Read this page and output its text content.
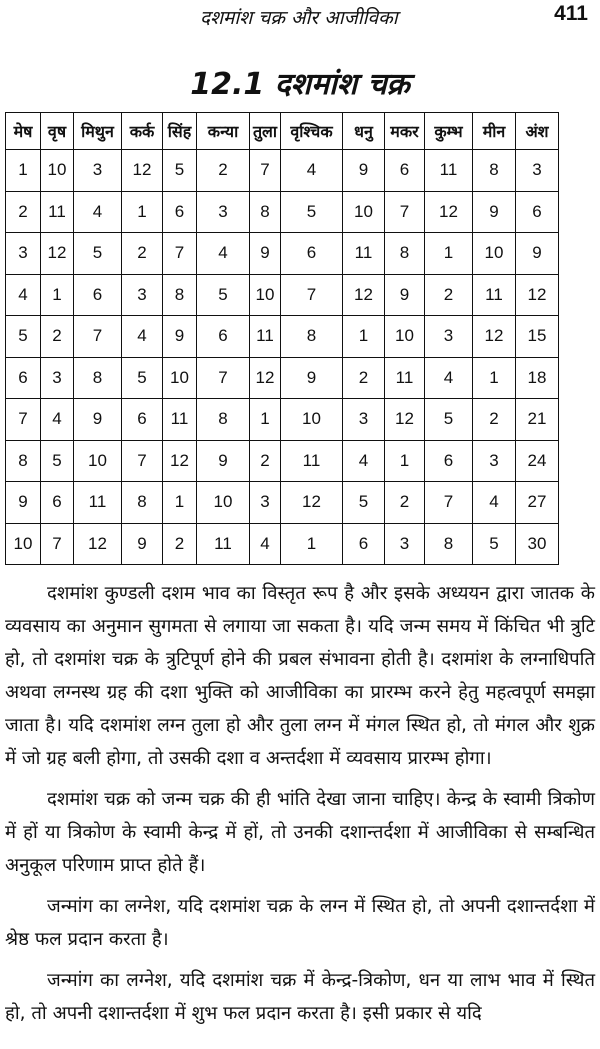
दशमांश चक्र और आजीविका	411
12.1 दशमांश चक्र
मेष	वृष	मिथुन	कर्क	सिंह	कन्या	तुला	वृश्चिक	धनु	मकर	कुम्भ	मीन	अंश
1	10	3	12	5	2	7	4	9	6	11	8	3
2	11	4	1	6	3	8	5	10	7	12	9	6
3	12	5	2	7	4	9	6	11	8	1	10	9
4	1	6	3	8	5	10	7	12	9	2	11	12
5	2	7	4	9	6	11	8	1	10	3	12	15
6	3	8	5	10	7	12	9	2	11	4	1	18
7	4	9	6	11	8	1	10	3	12	5	2	21
8	5	10	7	12	9	2	11	4	1	6	3	24
9	6	11	8	1	10	3	12	5	2	7	4	27
10	7	12	9	2	11	4	1	6	3	8	5	30

दशमांश कुण्डली दशम भाव का विस्तृत रूप है और इसके अध्ययन द्वारा जातक के व्यवसाय का अनुमान सुगमता से लगाया जा सकता है। यदि जन्म समय में किंचित भी त्रुटि हो, तो दशमांश चक्र के त्रुटिपूर्ण होने की प्रबल संभावना होती है। दशमांश के लग्नाधिपति अथवा लग्नस्थ ग्रह की दशा भुक्ति को आजीविका का प्रारम्भ करने हेतु महत्वपूर्ण समझा जाता है। यदि दशमांश लग्न तुला हो और तुला लग्न में मंगल स्थित हो, तो मंगल और शुक्र में जो ग्रह बली होगा, तो उसकी दशा व अन्तर्दशा में व्यवसाय प्रारम्भ होगा।

दशमांश चक्र को जन्म चक्र की ही भांति देखा जाना चाहिए। केन्द्र के स्वामी त्रिकोण में हों या त्रिकोण के स्वामी केन्द्र में हों, तो उनकी दशान्तर्दशा में आजीविका से सम्बन्धित अनुकूल परिणाम प्राप्त होते हैं।

जन्मांग का लग्नेश, यदि दशमांश चक्र के लग्न में स्थित हो, तो अपनी दशान्तर्दशा में श्रेष्ठ फल प्रदान करता है।

जन्मांग का लग्नेश, यदि दशमांश चक्र में केन्द्र-त्रिकोण, धन या लाभ भाव में स्थित हो, तो अपनी दशान्तर्दशा में शुभ फल प्रदान करता है। इसी प्रकार से यदि
